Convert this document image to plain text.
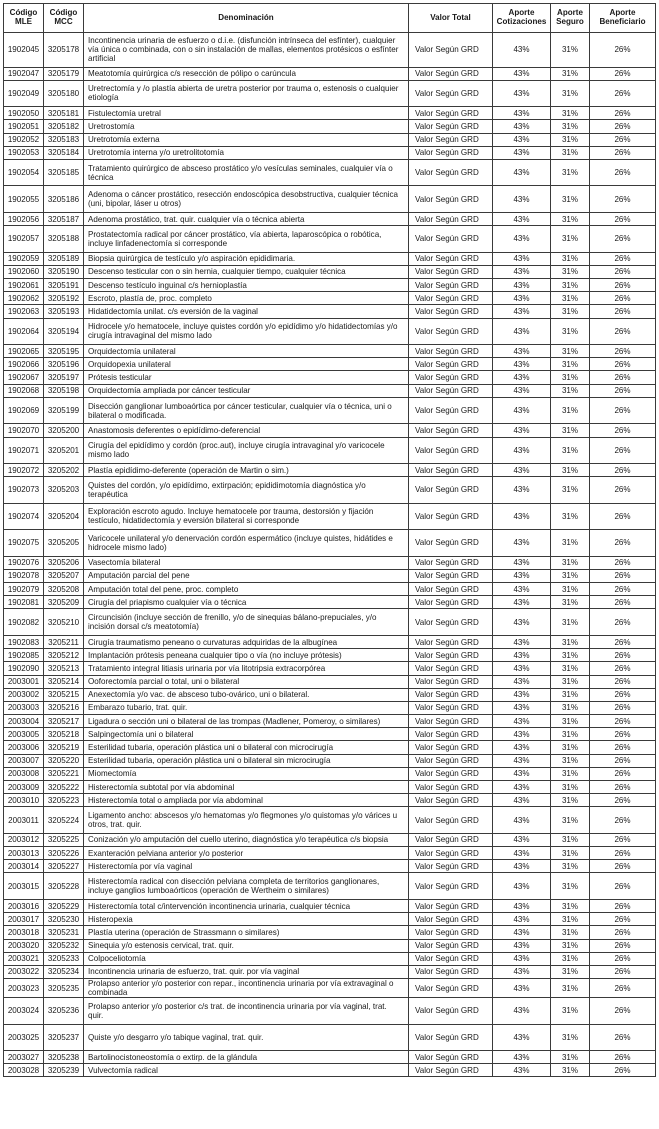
Código MLE	Código MCC	Denominación	Valor Total	Aporte Cotizaciones	Aporte Seguro	Aporte Beneficiario
1902045	3205178	Incontinencia urinaria de esfuerzo o d.i.e. (disfunción intrínseca del esfínter), cualquier vía única o combinada, con o sin instalación de mallas, elementos protésicos o esfínter artificial	Valor Según GRD	43%	31%	26%
1902047	3205179	Meatotomía quirúrgica c/s resección de pólipo o carúncula	Valor Según GRD	43%	31%	26%
1902049	3205180	Uretrectomía y /o plastía abierta de uretra posterior por trauma o, estenosis o cualquier etiología	Valor Según GRD	43%	31%	26%
1902050	3205181	Fistulectomía uretral	Valor Según GRD	43%	31%	26%
1902051	3205182	Uretrostomía	Valor Según GRD	43%	31%	26%
1902052	3205183	Uretrotomía externa	Valor Según GRD	43%	31%	26%
1902053	3205184	Uretrotomía interna y/o uretrolitotomía	Valor Según GRD	43%	31%	26%
1902054	3205185	Tratamiento quirúrgico de absceso prostático y/o vesículas seminales, cualquier vía o técnica	Valor Según GRD	43%	31%	26%
1902055	3205186	Adenoma o cáncer prostático, resección endoscópica desobstructiva, cualquier técnica (uni, bipolar, láser u otros)	Valor Según GRD	43%	31%	26%
1902056	3205187	Adenoma prostático, trat. quir. cualquier vía o técnica abierta	Valor Según GRD	43%	31%	26%
1902057	3205188	Prostatectomía radical por cáncer prostático, vía abierta, laparoscópica o robótica, incluye linfadenectomía si corresponde	Valor Según GRD	43%	31%	26%
1902059	3205189	Biopsia quirúrgica de testículo y/o aspiración epididimaria.	Valor Según GRD	43%	31%	26%
1902060	3205190	Descenso testicular con o sin hernia, cualquier tiempo, cualquier técnica	Valor Según GRD	43%	31%	26%
1902061	3205191	Descenso testículo inguinal c/s hernioplastía	Valor Según GRD	43%	31%	26%
1902062	3205192	Escroto, plastía de, proc. completo	Valor Según GRD	43%	31%	26%
1902063	3205193	Hidatidectomía unilat. c/s eversión de la vaginal	Valor Según GRD	43%	31%	26%
1902064	3205194	Hidrocele y/o hematocele, incluye quistes cordón y/o epidídimo y/o hidatidectomías y/o cirugía intravaginal del mismo lado	Valor Según GRD	43%	31%	26%
1902065	3205195	Orquidectomía unilateral	Valor Según GRD	43%	31%	26%
1902066	3205196	Orquidopexia unilateral	Valor Según GRD	43%	31%	26%
1902067	3205197	Prótesis testicular	Valor Según GRD	43%	31%	26%
1902068	3205198	Orquidectomía ampliada por cáncer testicular	Valor Según GRD	43%	31%	26%
1902069	3205199	Disección ganglionar lumboaórtica por cáncer testicular, cualquier vía o técnica, uni o bilateral o modificada.	Valor Según GRD	43%	31%	26%
1902070	3205200	Anastomosis deferentes o epidídimo-deferencial	Valor Según GRD	43%	31%	26%
1902071	3205201	Cirugía del epidídimo y cordón (proc.aut), incluye cirugía intravaginal y/o varicocele mismo lado	Valor Según GRD	43%	31%	26%
1902072	3205202	Plastía epidídimo-deferente (operación de Martin o sim.)	Valor Según GRD	43%	31%	26%
1902073	3205203	Quistes del cordón, y/o epidídimo, extirpación; epididimotomía diagnóstica y/o terapéutica	Valor Según GRD	43%	31%	26%
1902074	3205204	Exploración escroto agudo. Incluye hematocele por trauma, destorsión y fijación testículo, hidatidectomía y eversión bilateral si corresponde	Valor Según GRD	43%	31%	26%
1902075	3205205	Varicocele unilateral y/o denervación cordón espermático (incluye quistes, hidátides e hidrocele mismo lado)	Valor Según GRD	43%	31%	26%
1902076	3205206	Vasectomía bilateral	Valor Según GRD	43%	31%	26%
1902078	3205207	Amputación parcial del pene	Valor Según GRD	43%	31%	26%
1902079	3205208	Amputación total del pene, proc. completo	Valor Según GRD	43%	31%	26%
1902081	3205209	Cirugía del priapismo cualquier vía o técnica	Valor Según GRD	43%	31%	26%
1902082	3205210	Circuncisión (incluye sección de frenillo, y/o de sinequias bálano-prepuciales, y/o incisión dorsal c/s meatotomía)	Valor Según GRD	43%	31%	26%
1902083	3205211	Cirugía traumatismo peneano o curvaturas adquiridas de la albugínea	Valor Según GRD	43%	31%	26%
1902085	3205212	Implantación prótesis peneana cualquier tipo o vía (no incluye prótesis)	Valor Según GRD	43%	31%	26%
1902090	3205213	Tratamiento integral litiasis urinaria por vía litotripsia extracorpórea	Valor Según GRD	43%	31%	26%
2003001	3205214	Ooforectomía parcial o total, uni o bilateral	Valor Según GRD	43%	31%	26%
2003002	3205215	Anexectomía y/o vac. de absceso tubo-ovárico, uni o bilateral.	Valor Según GRD	43%	31%	26%
2003003	3205216	Embarazo tubario, trat. quir.	Valor Según GRD	43%	31%	26%
2003004	3205217	Ligadura o sección uni o bilateral de las trompas (Madlener, Pomeroy, o similares)	Valor Según GRD	43%	31%	26%
2003005	3205218	Salpingectomía uni o bilateral	Valor Según GRD	43%	31%	26%
2003006	3205219	Esterilidad tubaria, operación plástica uni o bilateral con microcirugía	Valor Según GRD	43%	31%	26%
2003007	3205220	Esterilidad tubaria, operación plástica uni o bilateral sin microcirugía	Valor Según GRD	43%	31%	26%
2003008	3205221	Miomectomía	Valor Según GRD	43%	31%	26%
2003009	3205222	Histerectomía subtotal por vía abdominal	Valor Según GRD	43%	31%	26%
2003010	3205223	Histerectomía total o ampliada por vía abdominal	Valor Según GRD	43%	31%	26%
2003011	3205224	Ligamento ancho: abscesos y/o hematomas y/o flegmones y/o quistomas y/o várices u otros, trat. quir.	Valor Según GRD	43%	31%	26%
2003012	3205225	Conización y/o amputación del cuello uterino, diagnóstica y/o terapéutica c/s biopsia	Valor Según GRD	43%	31%	26%
2003013	3205226	Exanteración pelviana anterior y/o posterior	Valor Según GRD	43%	31%	26%
2003014	3205227	Histerectomía por vía vaginal	Valor Según GRD	43%	31%	26%
2003015	3205228	Histerectomía radical con disección pelviana completa de territorios ganglionares, incluye ganglios lumboaórticos (operación de Wertheim o similares)	Valor Según GRD	43%	31%	26%
2003016	3205229	Histerectomía total c/intervención incontinencia urinaria, cualquier técnica	Valor Según GRD	43%	31%	26%
2003017	3205230	Histeropexia	Valor Según GRD	43%	31%	26%
2003018	3205231	Plastía uterina (operación de Strassmann o similares)	Valor Según GRD	43%	31%	26%
2003020	3205232	Sinequia y/o estenosis cervical, trat. quir.	Valor Según GRD	43%	31%	26%
2003021	3205233	Colpoceliotomía	Valor Según GRD	43%	31%	26%
2003022	3205234	Incontinencia urinaria de esfuerzo, trat. quir. por vía vaginal	Valor Según GRD	43%	31%	26%
2003023	3205235	Prolapso anterior y/o posterior con repar., incontinencia urinaria por vía extravaginal o combinada	Valor Según GRD	43%	31%	26%
2003024	3205236	Prolapso anterior y/o posterior c/s trat. de incontinencia urinaria por vía vaginal, trat. quir.	Valor Según GRD	43%	31%	26%
2003025	3205237	Quiste y/o desgarro y/o tabique vaginal, trat. quir.	Valor Según GRD	43%	31%	26%
2003027	3205238	Bartolinocistoneostomía o extirp. de la glándula	Valor Según GRD	43%	31%	26%
2003028	3205239	Vulvectomía radical	Valor Según GRD	43%	31%	26%
